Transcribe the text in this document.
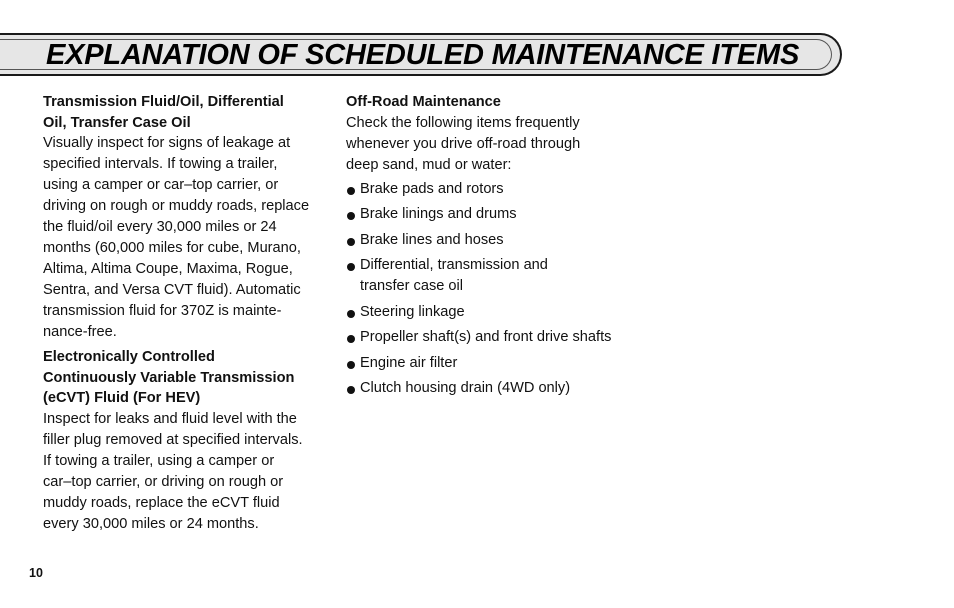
EXPLANATION OF SCHEDULED MAINTENANCE ITEMS

Transmission Fluid/Oil, Differential
Oil, Transfer Case Oil

Visually inspect for signs of leakage at
specified intervals. If towing a trailer,
using a camper or car–top carrier, or
driving on rough or muddy roads, replace
the fluid/oil every 30,000 miles or 24
months (60,000 miles for cube, Murano,
Altima, Altima Coupe, Maxima, Rogue,
Sentra, and Versa CVT fluid). Automatic
transmission fluid for 370Z is mainte-
nance-free.

Electronically Controlled
Continuously Variable Transmission
(eCVT) Fluid (For HEV)

Inspect for leaks and fluid level with the
filler plug removed at specified intervals.
If towing a trailer, using a camper or
car–top carrier, or driving on rough or
muddy roads, replace the eCVT fluid
every 30,000 miles or 24 months.

Off-Road Maintenance

Check the following items frequently
whenever you drive off-road through
deep sand, mud or water:

Brake pads and rotors
Brake linings and drums
Brake lines and hoses
Differential, transmission and
transfer case oil
Steering linkage
Propeller shaft(s) and front drive shafts
Engine air filter
Clutch housing drain (4WD only)
10
